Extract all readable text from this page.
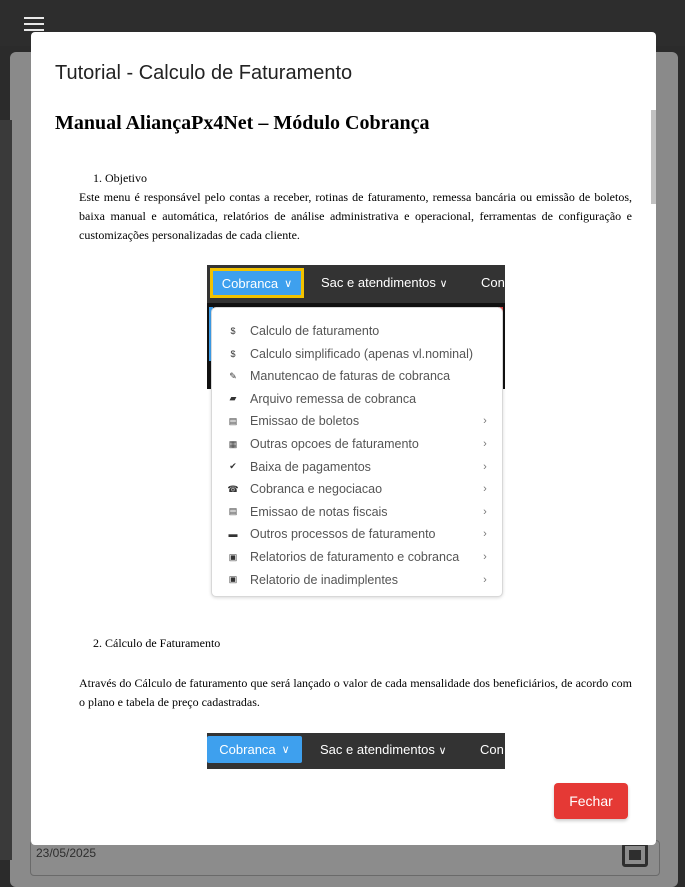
23/05/2025
Tutorial - Calculo de Faturamento
Manual AliançaPx4Net – Módulo Cobrança
1. Objetivo
Este menu é responsável pelo contas a receber, rotinas de faturamento, remessa bancária ou emissão de boletos, baixa manual e automática, relatórios de análise administrativa e operacional, ferramentas de configuração e customizações personalizadas de cada cliente.
Cobranca ∨ Sac e atendimentos ∨	Con
$	Calculo de faturamento
$	Calculo simplificado (apenas vl.nominal)
✎	Manutencao de faturas de cobranca
▰	Arquivo remessa de cobranca
▤	Emissao de boletos	›
▦	Outras opcoes de faturamento	›
✔	Baixa de pagamentos	›
☎ Cobranca e negociacao	›
▤	Emissao de notas fiscais	›
▬	Outros processos de faturamento	›
▣	Relatorios de faturamento e cobranca	›
▣	Relatorio de inadimplentes	›
2. Cálculo de Faturamento
Através do Cálculo de faturamento que será lançado o valor de cada mensalidade dos beneficiários, de acordo com o plano e tabela de preço cadastradas.
Cobranca ∨ Sac e atendimentos ∨	Con
Fechar
